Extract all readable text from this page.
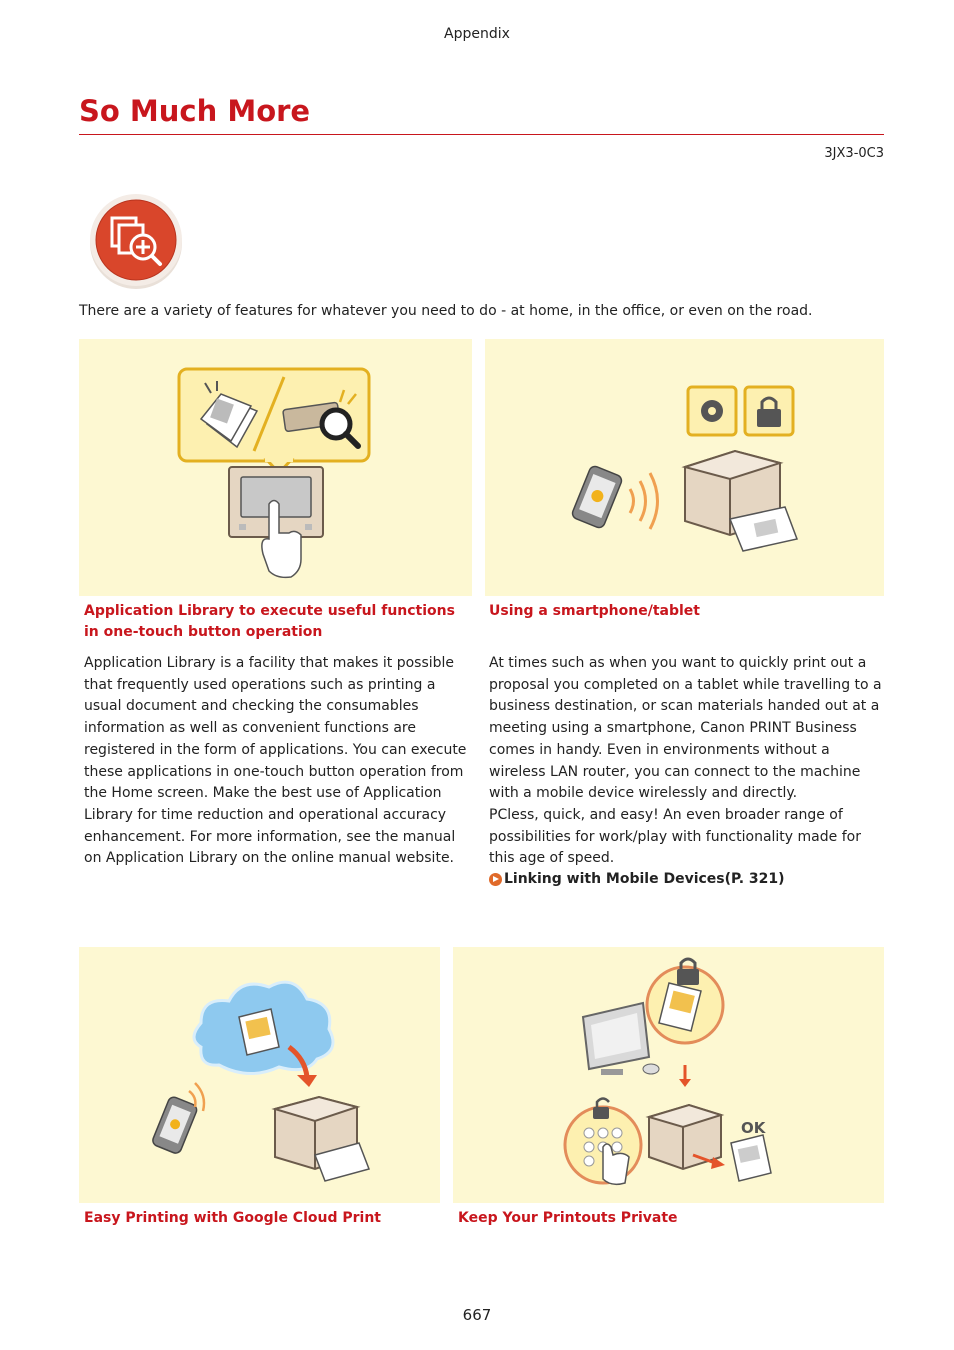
Appendix
So Much More
3JX3-0C3
There are a variety of features for whatever you need to do - at home, in the office, or even on the road.
Application Library to execute useful functions in one-touch button operation
Application Library is a facility that makes it possible that frequently used operations such as printing a usual document and checking the consumables information as well as convenient functions are registered in the form of applications. You can execute these applications in one-touch button operation from the Home screen. Make the best use of Application Library for time reduction and operational accuracy enhancement. For more information, see the manual on Application Library on the online manual website.
Using a smartphone/tablet
At times such as when you want to quickly print out a proposal you completed on a tablet while travelling to a business destination, or scan materials handed out at a meeting using a smartphone, Canon PRINT Business comes in handy. Even in environments without a wireless LAN router, you can connect to the machine with a mobile device wirelessly and directly.
PCless, quick, and easy! An even broader range of possibilities for work/play with functionality made for this age of speed.
Linking with Mobile Devices(P. 321)
Easy Printing with Google Cloud Print
OK
Keep Your Printouts Private
667
